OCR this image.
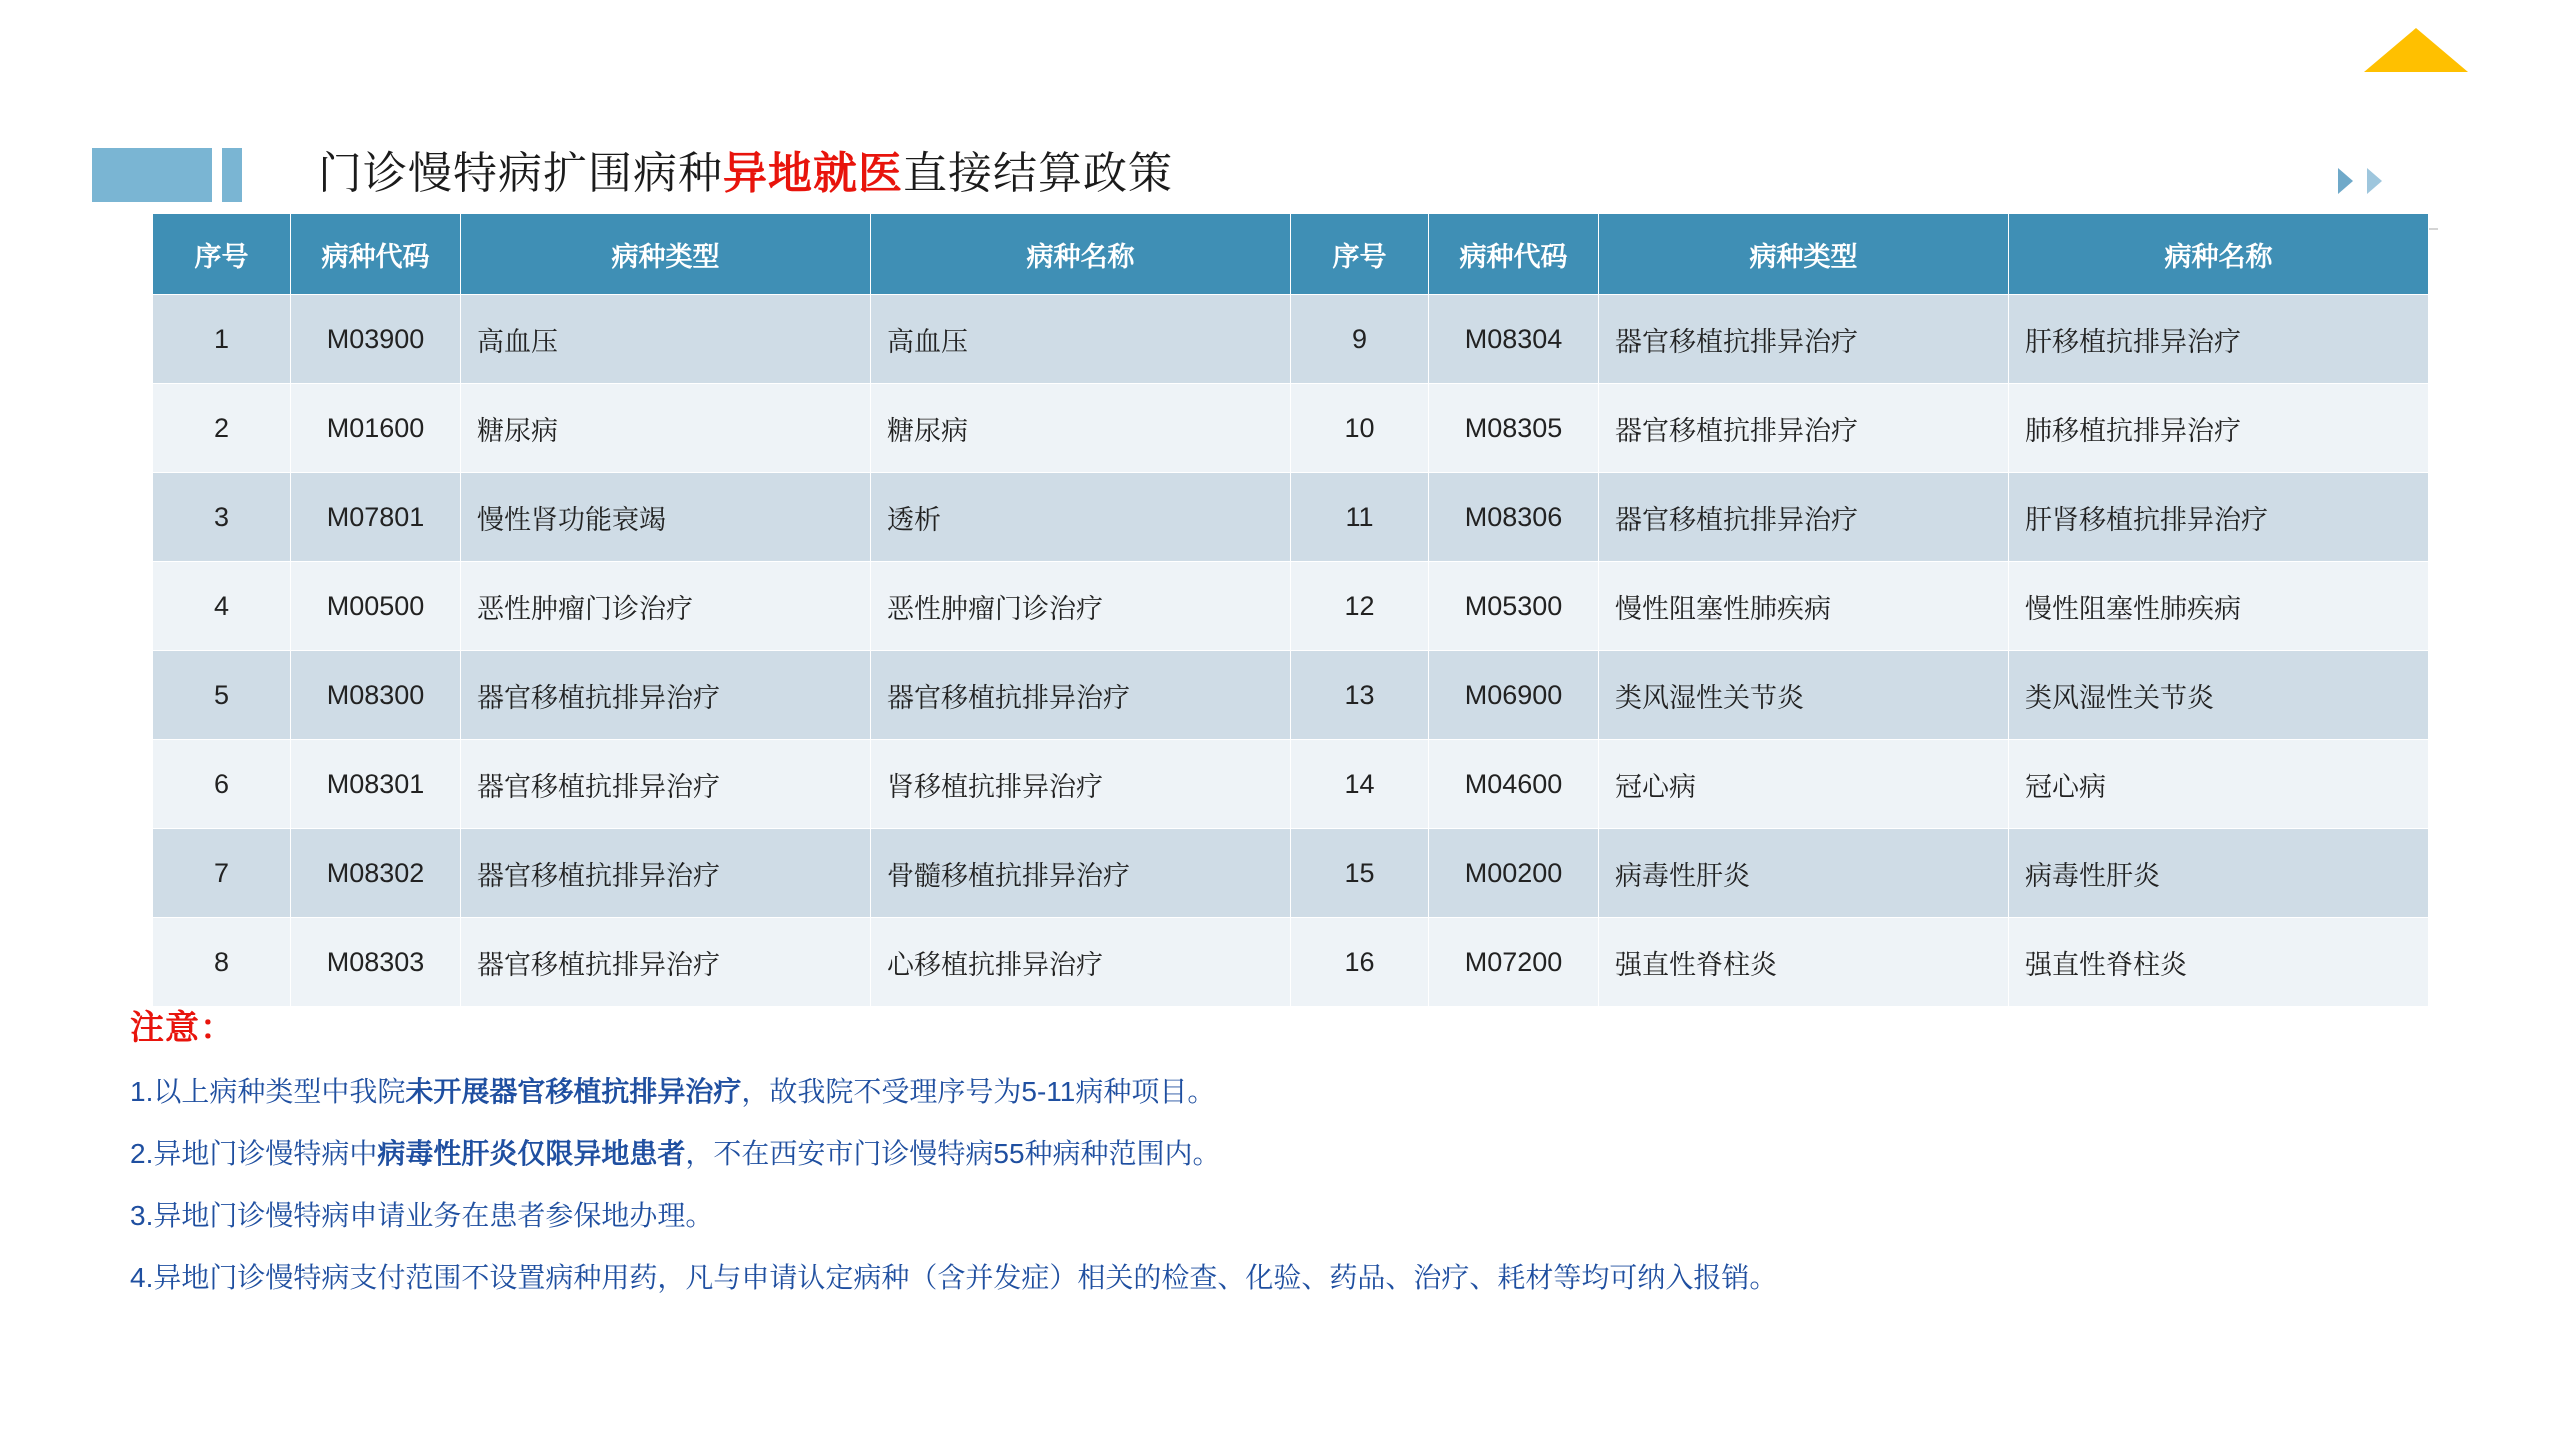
门诊慢特病扩围病种异地就医直接结算政策
序号	病种代码	病种类型	病种名称	序号	病种代码	病种类型	病种名称
1	M03900	高血压	高血压	9	M08304	器官移植抗排异治疗	肝移植抗排异治疗
2	M01600	糖尿病	糖尿病	10	M08305	器官移植抗排异治疗	肺移植抗排异治疗
3	M07801	慢性肾功能衰竭	透析	11	M08306	器官移植抗排异治疗	肝肾移植抗排异治疗
4	M00500	恶性肿瘤门诊治疗	恶性肿瘤门诊治疗	12	M05300	慢性阻塞性肺疾病	慢性阻塞性肺疾病
5	M08300	器官移植抗排异治疗	器官移植抗排异治疗	13	M06900	类风湿性关节炎	类风湿性关节炎
6	M08301	器官移植抗排异治疗	肾移植抗排异治疗	14	M04600	冠心病	冠心病
7	M08302	器官移植抗排异治疗	骨髓移植抗排异治疗	15	M00200	病毒性肝炎	病毒性肝炎
8	M08303	器官移植抗排异治疗	心移植抗排异治疗	16	M07200	强直性脊柱炎	强直性脊柱炎
注意：
1.以上病种类型中我院未开展器官移植抗排异治疗，故我院不受理序号为5-11病种项目。
2.异地门诊慢特病中病毒性肝炎仅限异地患者，不在西安市门诊慢特病55种病种范围内。
3.异地门诊慢特病申请业务在患者参保地办理。
4.异地门诊慢特病支付范围不设置病种用药，凡与申请认定病种（含并发症）相关的检查、化验、药品、治疗、耗材等均可纳入报销。
